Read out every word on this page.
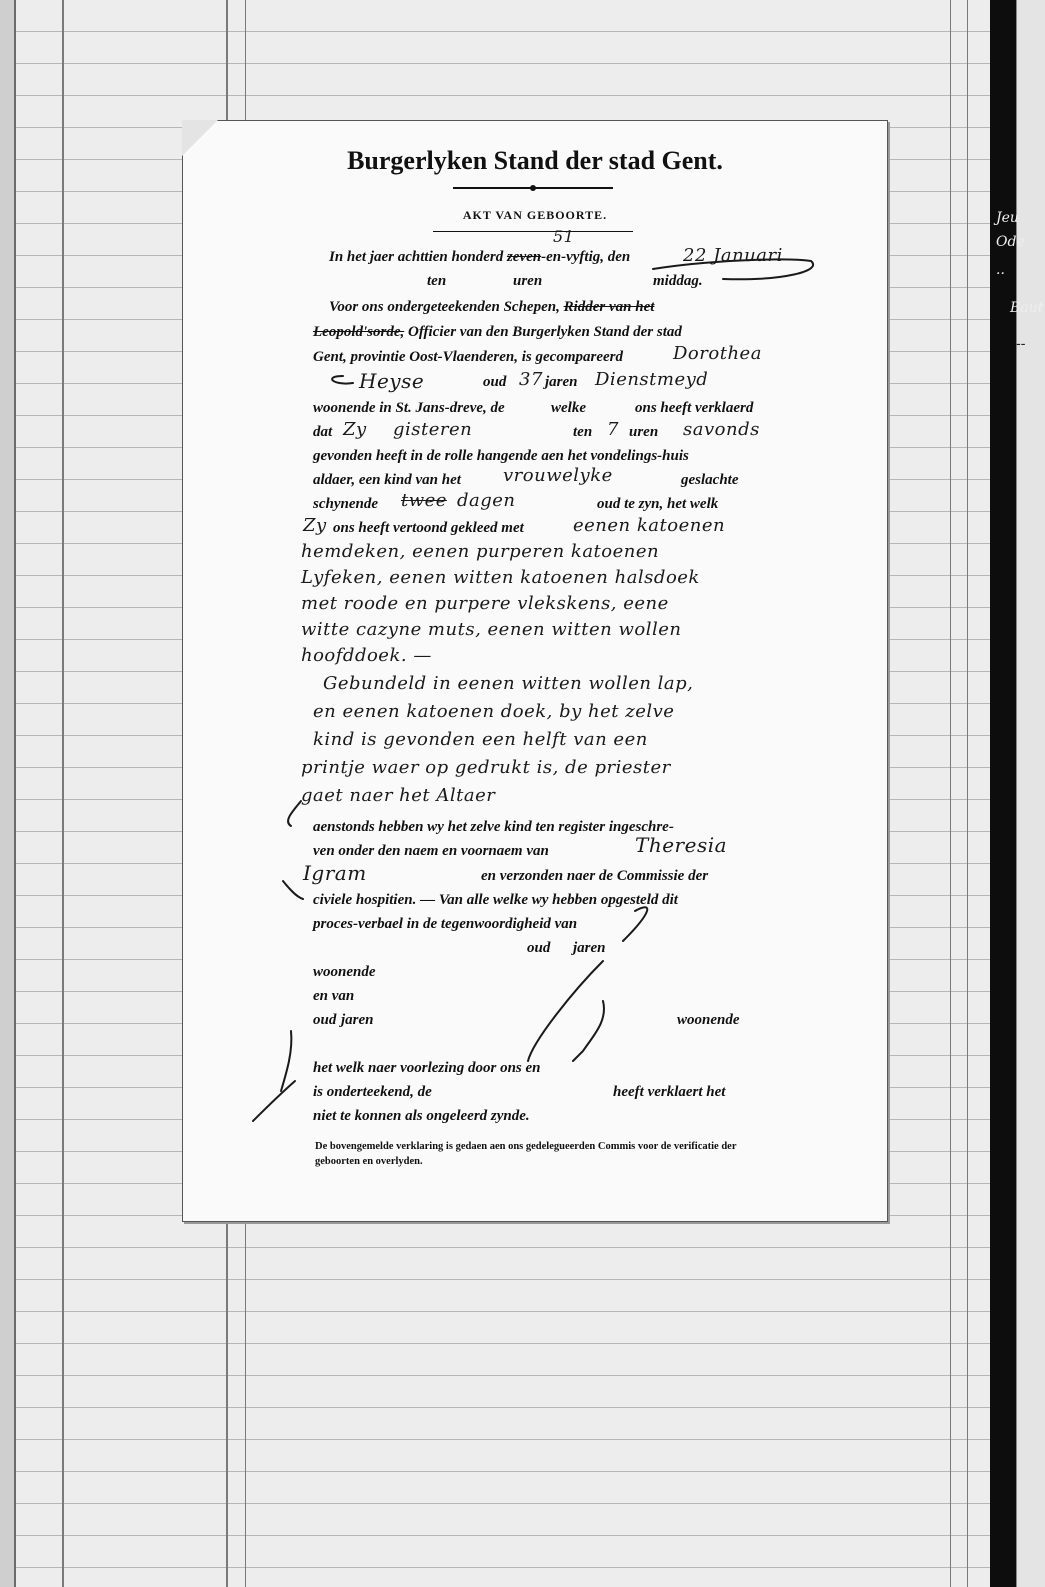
Jeu
Ode
··
Baut
--
Burgerlyken Stand der stad Gent.
AKT VAN GEBOORTE.
In het jaer achttien honderd zeven-en-vyftig, den
51
22 Januari
ten	uren	middag.
Voor ons ondergeteekenden Schepen, Ridder van het
Leopold'sorde, Officier van den Burgerlyken Stand der stad
Gent, provintie Oost-Vlaenderen, is gecompareerd	Dorothea
Heyse	oud 37 jaren Dienstmeyd
woonende in St. Jans-dreve, de	welke	ons heeft verklaerd
dat Zy gisteren	ten 7 uren savonds
gevonden heeft in de rolle hangende aen het vondelings-huis
aldaer, een kind van het vrouwelyke	geslachte
schynende twee dagen	oud te zyn, het welk
Zy ons heeft vertoond gekleed met	eenen katoenen
hemdeken, eenen purperen katoenen
Lyfeken, eenen witten katoenen halsdoek
met roode en purpere vlekskens, eene
witte cazyne muts, eenen witten wollen
hoofddoek. —
Gebundeld in eenen witten wollen lap,
en eenen katoenen doek, by het zelve
kind is gevonden een helft van een
printje waer op gedrukt is, de priester
gaet naer het Altaer
aenstonds hebben wy het zelve kind ten register ingeschre-
ven onder den naem en voornaem van	Theresia
Igram	en verzonden naer de Commissie der
civiele hospitien. — Van alle welke wy hebben opgesteld dit
proces-verbael in de tegenwoordigheid van
oud jaren
woonende
en van
oud jaren	woonende
het welk naer voorlezing door ons en
is onderteekend, de	heeft verklaert het
niet te konnen als ongeleerd zynde.
De bovengemelde verklaring is gedaen aen ons gedelegueerden Commis voor de verificatie der geboorten en overlyden.
